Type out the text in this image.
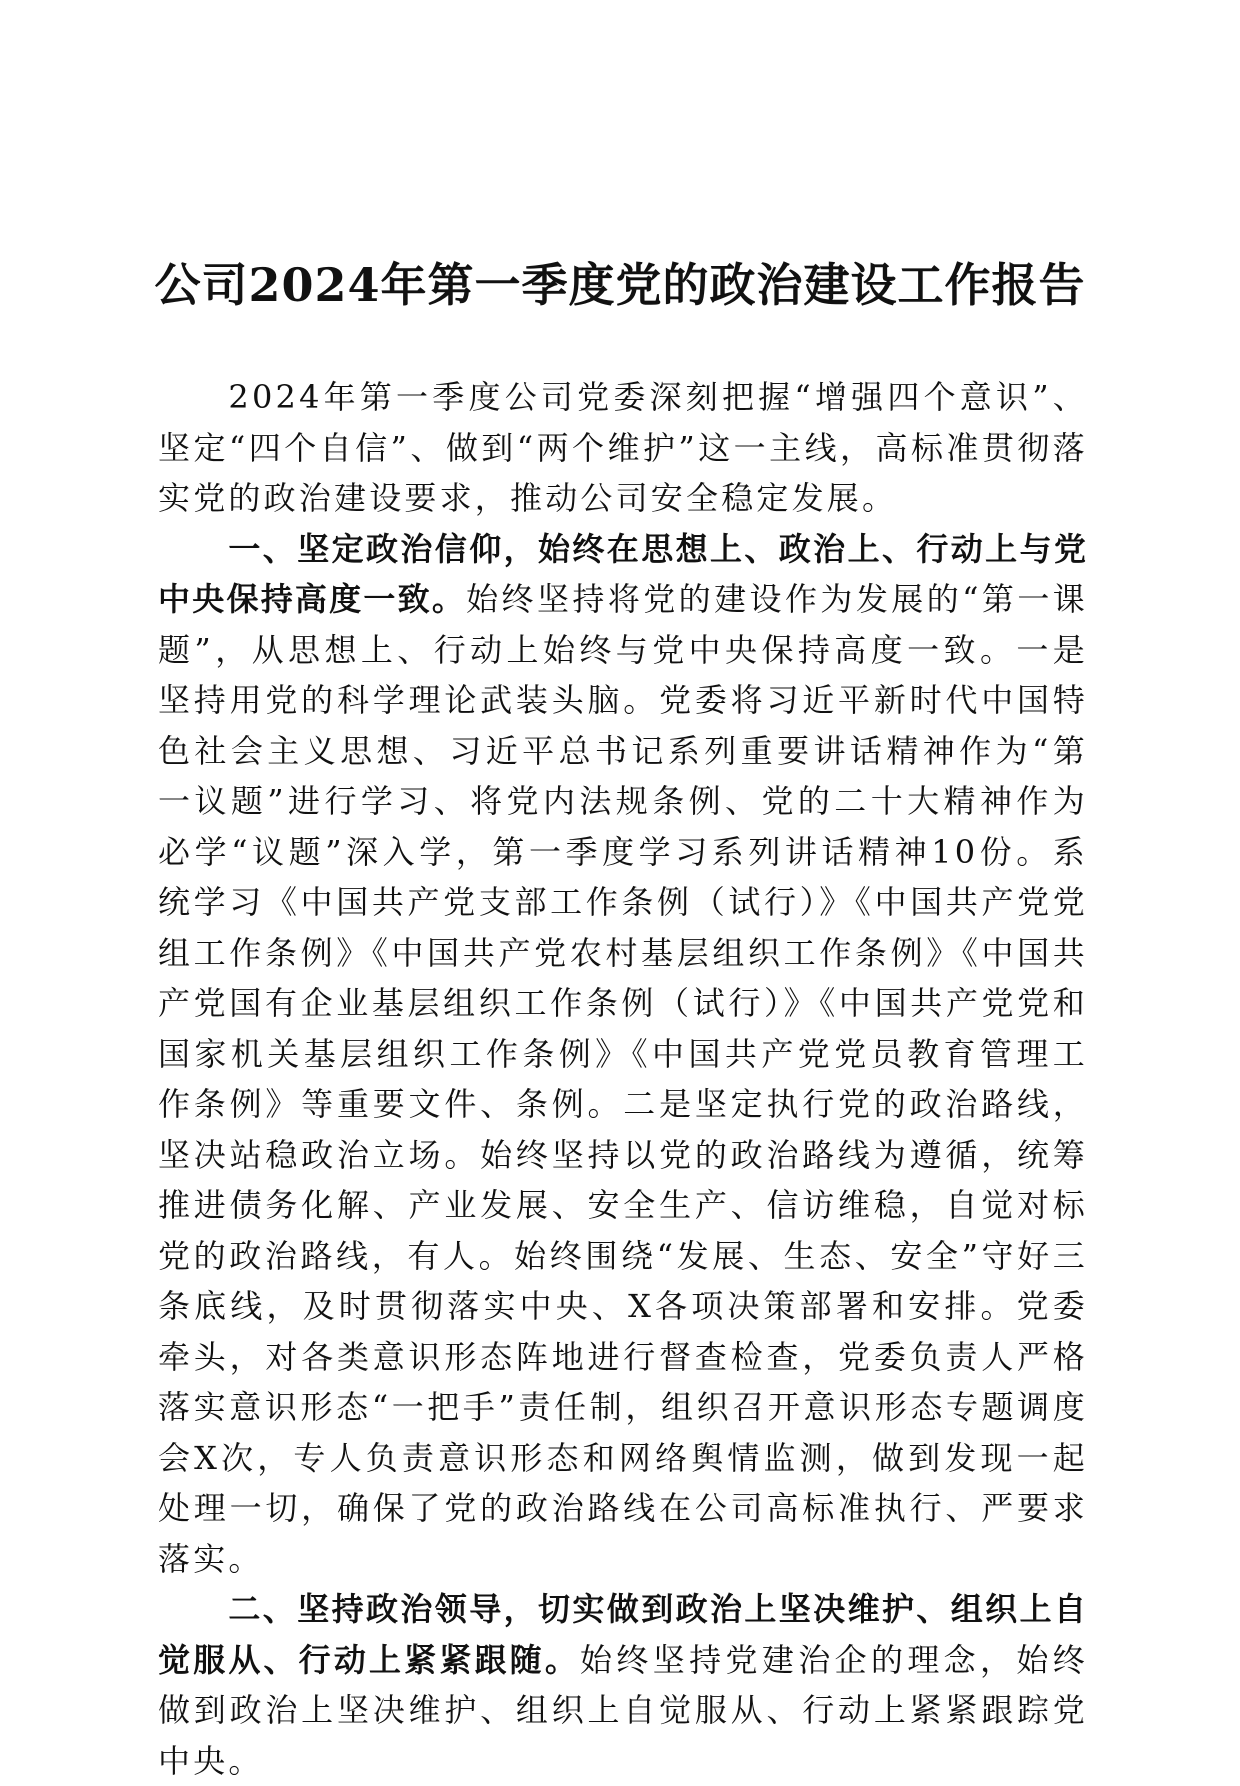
公司2024年第一季度党的政治建设工作报告

2024年第一季度公司党委深刻把握“增强四个意识”、坚定“四个自信”、做到“两个维护”这一主线，高标准贯彻落实党的政治建设要求，推动公司安全稳定发展。

一、坚定政治信仰，始终在思想上、政治上、行动上与党中央保持高度一致。始终坚持将党的建设作为发展的“第一课题”，从思想上、行动上始终与党中央保持高度一致。一是坚持用党的科学理论武装头脑。党委将习近平新时代中国特色社会主义思想、习近平总书记系列重要讲话精神作为“第一议题”进行学习、将党内法规条例、党的二十大精神作为必学“议题”深入学，第一季度学习系列讲话精神10份。系统学习《中国共产党支部工作条例（试行）》《中国共产党党组工作条例》《中国共产党农村基层组织工作条例》《中国共产党国有企业基层组织工作条例（试行）》《中国共产党党和国家机关基层组织工作条例》《中国共产党党员教育管理工作条例》等重要文件、条例。二是坚定执行党的政治路线，坚决站稳政治立场。始终坚持以党的政治路线为遵循，统筹推进债务化解、产业发展、安全生产、信访维稳，自觉对标党的政治路线，有人。始终围绕“发展、生态、安全”守好三条底线，及时贯彻落实中央、X各项决策部署和安排。党委牵头，对各类意识形态阵地进行督查检查，党委负责人严格落实意识形态“一把手”责任制，组织召开意识形态专题调度会X次，专人负责意识形态和网络舆情监测，做到发现一起处理一切，确保了党的政治路线在公司高标准执行、严要求落实。

二、坚持政治领导，切实做到政治上坚决维护、组织上自觉服从、行动上紧紧跟随。始终坚持党建治企的理念，始终做到政治上坚决维护、组织上自觉服从、行动上紧紧跟踪党中央。
